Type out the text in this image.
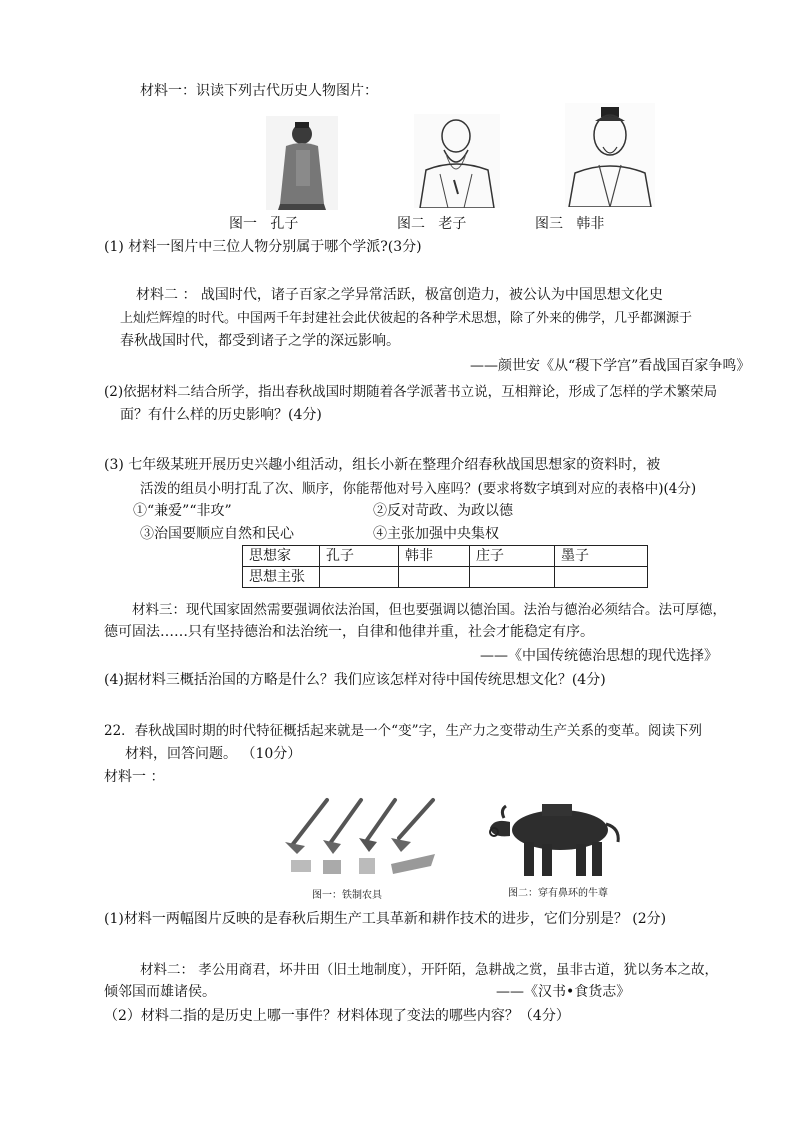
材料一：识读下列古代历史人物图片：
图一 孔子	图二 老子	图三 韩非
(1) 材料一图片中三位人物分别属于哪个学派?(3分)
材料二 ： 战国时代，诸子百家之学异常活跃，极富创造力，被公认为中国思想文化史
上灿烂辉煌的时代。中国两千年封建社会此伏彼起的各种学术思想，除了外来的佛学，几乎都渊源于
春秋战国时代，都受到诸子之学的深远影响。
——颜世安《从“稷下学宫”看战国百家争鸣》
(2)依据材料二结合所学，指出春秋战国时期随着各学派著书立说，互相辩论，形成了怎样的学术繁荣局
面？有什么样的历史影响？(4分)
(3) 七年级某班开展历史兴趣小组活动，组长小新在整理介绍春秋战国思想家的资料时，被
活泼的组员小明打乱了次、顺序，你能帮他对号入座吗？(要求将数字填到对应的表格中)(4分)
①“兼爱”“非攻”	②反对苛政、为政以德
③治国要顺应自然和民心	④主张加强中央集权
思想家	孔子	韩非	庄子	墨子
思想主张				
材料三：现代国家固然需要强调依法治国，但也要强调以德治国。法治与德治必须结合。法可厚德，
德可固法……只有坚持德治和法治统一，自律和他律并重，社会才能稳定有序。
——《中国传统德治思想的现代选择》
(4)据材料三概括治国的方略是什么？我们应该怎样对待中国传统思想文化？(4分)
22．春秋战国时期的时代特征概括起来就是一个“变”字，生产力之变带动生产关系的变革。阅读下列
材料，回答问题。 （10分）
材料一 ：
图一：铁制农具	图二：穿有鼻环的牛尊
(1)材料一两幅图片反映的是春秋后期生产工具革新和耕作技术的进步，它们分别是？ (2分)
材料二： 孝公用商君，坏井田（旧土地制度），开阡陌，急耕战之赏，虽非古道，犹以务本之故，
倾邻国而雄诸侯。	——《汉书•食货志》
（2）材料二指的是历史上哪一事件？材料体现了变法的哪些内容？（4分）
